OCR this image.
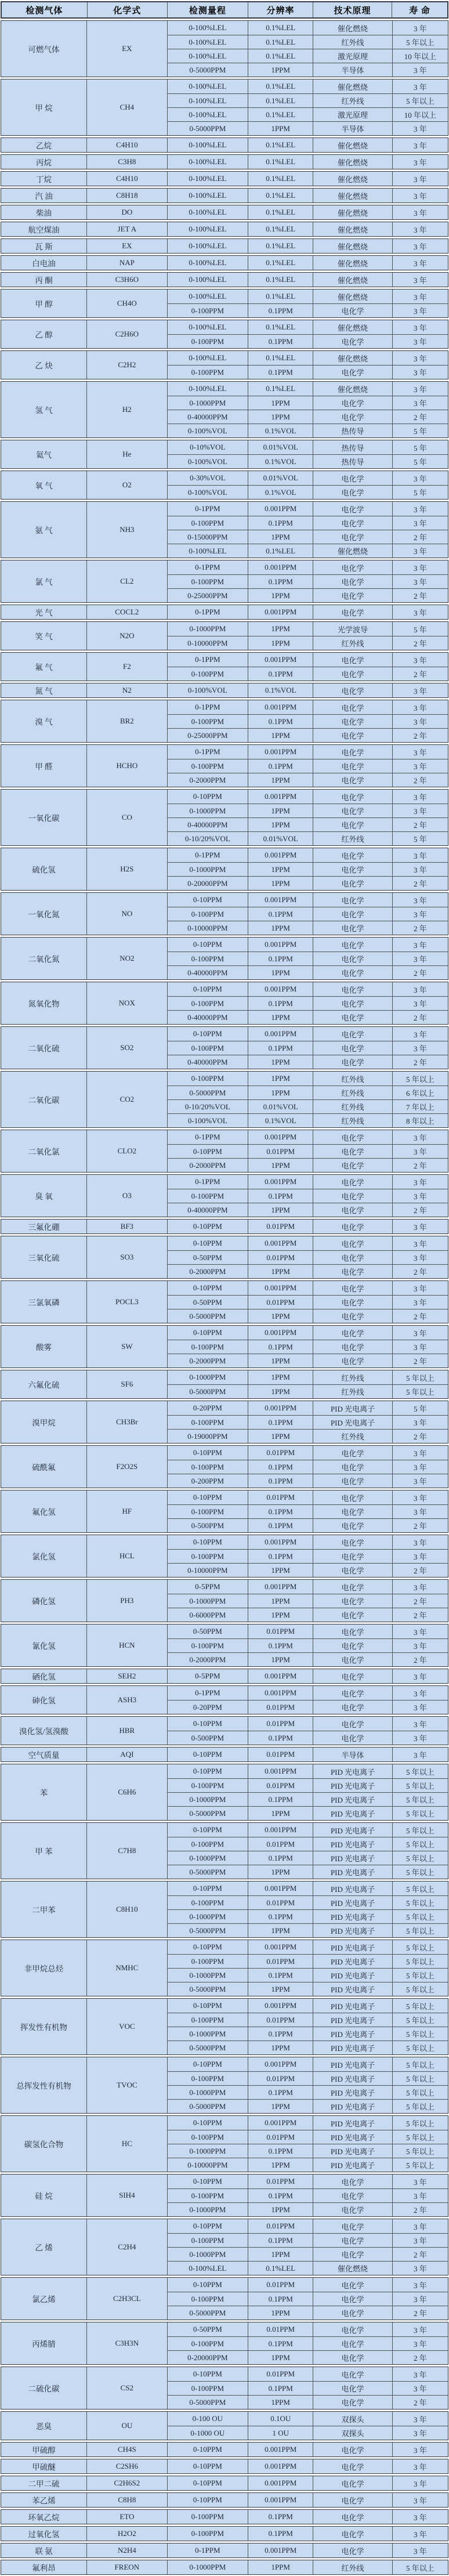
检测气体	化学式	检测量程	分辨率	技术原理	寿 命
可燃气体	EX
0-100%LEL	0.1%LEL	催化燃烧	3 年
0-100%LEL	0.1%LEL	红外线	5 年以上
0-100%LEL	0.1%LEL	激光原理	10 年以上
0-5000PPM	1PPM	半导体	3 年
甲 烷	CH4
0-100%LEL	0.1%LEL	催化燃烧	3 年
0-100%LEL	0.1%LEL	红外线	5 年以上
0-100%LEL	0.1%LEL	激光原理	10 年以上
0-5000PPM	1PPM	半导体	3 年
乙烷	C4H10	0-100%LEL	0.1%LEL	催化燃烧	3 年
丙烷	C3H8	0-100%LEL	0.1%LEL	催化燃烧	3 年
丁烷	C4H10	0-100%LEL	0.1%LEL	催化燃烧	3 年
汽 油	C8H18	0-100%LEL	0.1%LEL	催化燃烧	3 年
柴油	DO	0-100%LEL	0.1%LEL	催化燃烧	3 年
航空煤油	JET A	0-100%LEL	0.1%LEL	催化燃烧	3 年
瓦 斯	EX	0-100%LEL	0.1%LEL	催化燃烧	3 年
白电油	NAP	0-100%LEL	0.1%LEL	催化燃烧	3 年
丙 酮	C3H6O	0-100%LEL	0.1%LEL	催化燃烧	3 年
甲 醇	CH4O
0-100%LEL	0.1%LEL	催化燃烧	3 年
0-100PPM	0.1PPM	电化学	3 年
乙 醇	C2H6O
0-100%LEL	0.1%LEL	催化燃烧	3 年
0-100PPM	0.1PPM	电化学	3 年
乙 炔	C2H2
0-100%LEL	0.1%LEL	催化燃烧	3 年
0-100PPM	0.1PPM	电化学	3 年
氢 气	H2
0-100%LEL	0.1%LEL	催化燃烧	3 年
0-1000PPM	1PPM	电化学	3 年
0-40000PPM	1PPM	电化学	2 年
0-100%VOL	0.1%VOL	热传导	5 年
氦气	He
0-10%VOL	0.01%VOL	热传导	5 年
0-100%VOL	0.1%VOL	热传导	5 年
氧 气	O2
0-30%VOL	0.01%VOL	电化学	3 年
0-100%VOL	0.1%VOL	电化学	5 年
氨 气	NH3
0-1PPM	0.001PPM	电化学	3 年
0-100PPM	0.1PPM	电化学	3 年
0-15000PPM	1PPM	电化学	2 年
0-100%LEL	0.1%LEL	催化燃烧	3 年
氯 气	CL2
0-1PPM	0.001PPM	电化学	3 年
0-100PPM	0.1PPM	电化学	3 年
0-25000PPM	1PPM	电化学	2 年
光 气	COCL2	0-1PPM	0.001PPM	电化学	3 年
笑 气	N2O
0-1000PPM	1PPM	光学波导	5 年
0-10000PPM	1PPM	红外线	2 年
氟 气	F2
0-1PPM	0.001PPM	电化学	3 年
0-100PPM	0.1PPM	电化学	2 年
氮 气	N2	0-100%VOL	0.1%VOL	电化学	3 年
溴 气	BR2
0-1PPM	0.001PPM	电化学	3 年
0-100PPM	0.1PPM	电化学	3 年
0-25000PPM	1PPM	电化学	2 年
甲 醛	HCHO
0-1PPM	0.001PPM	电化学	3 年
0-100PPM	0.1PPM	电化学	3 年
0-2000PPM	1PPM	电化学	2 年
一氧化碳	CO
0-10PPM	0.001PPM	电化学	3 年
0-1000PPM	1PPM	电化学	3 年
0-40000PPM	1PPM	电化学	2 年
0-10/20%VOL	0.01%VOL	红外线	5 年
硫化氢	H2S
0-1PPM	0.001PPM	电化学	3 年
0-1000PPM	1PPM	电化学	3 年
0-20000PPM	1PPM	电化学	2 年
一氧化氮	NO
0-10PPM	0.001PPM	电化学	3 年
0-100PPM	0.1PPM	电化学	3 年
0-10000PPM	1PPM	电化学	2 年
二氧化氮	NO2
0-10PPM	0.001PPM	电化学	3 年
0-100PPM	0.1PPM	电化学	3 年
0-40000PPM	1PPM	电化学	2 年
氮氧化物	NOX
0-10PPM	0.001PPM	电化学	3 年
0-100PPM	0.1PPM	电化学	3 年
0-40000PPM	1PPM	电化学	2 年
二氧化硫	SO2
0-10PPM	0.001PPM	电化学	3 年
0-100PPM	0.1PPM	电化学	3 年
0-40000PPM	1PPM	电化学	2 年
二氧化碳	CO2
0-100PPM	1PPM	红外线	5 年以上
0-5000PPM	1PPM	红外线	6 年以上
0-10/20%VOL	0.01%VOL	红外线	7 年以上
0-100%VOL	0.1%VOL	红外线	8 年以上
二氧化氯	CLO2
0-1PPM	0.001PPM	电化学	3 年
0-10PPM	0.01PPM	电化学	3 年
0-2000PPM	1PPM	电化学	2 年
臭 氧	O3
0-1PPM	0.001PPM	电化学	3 年
0-100PPM	0.1PPM	电化学	3 年
0-40000PPM	1PPM	电化学	2 年
三氟化硼	BF3	0-10PPM	0.01PPM	电化学	3 年
三氧化硫	SO3
0-10PPM	0.001PPM	电化学	3 年
0-50PPM	0.01PPM	电化学	3 年
0-2000PPM	1PPM	电化学	2 年
三氯氧磷	POCL3
0-10PPM	0.001PPM	电化学	3 年
0-50PPM	0.01PPM	电化学	3 年
0-5000PPM	1PPM	电化学	2 年
酸雾	SW
0-10PPM	0.001PPM	电化学	3 年
0-100PPM	0.1PPM	电化学	3 年
0-2000PPM	1PPM	电化学	2 年
六氟化硫	SF6
0-1000PPM	1PPM	红外线	5 年以上
0-5000PPM	1PPM	红外线	5 年以上
溴甲烷	CH3Br
0-20PPM	0.001PPM	PID 光电离子	5 年
0-100PPM	0.1PPM	PID 光电离子	3 年
0-19000PPM	1PPM	红外线	2 年
硫酰氟	F2O2S
0-10PPM	0.01PPM	电化学	3 年
0-100PPM	0.1PPM	电化学	3 年
0-200PPM	0.1PPM	电化学	3 年
氟化氢	HF
0-10PPM	0.01PPM	电化学	3 年
0-100PPM	0.1PPM	电化学	3 年
0-500PPM	0.1PPM	电化学	2 年
氯化氢	HCL
0-10PPM	0.001PPM	电化学	3 年
0-100PPM	0.1PPM	电化学	3 年
0-10000PPM	1PPM	电化学	2 年
磷化氢	PH3
0-5PPM	0.001PPM	电化学	3 年
0-1000PPM	1PPM	电化学	2 年
0-6000PPM	1PPM	电化学	2 年
氰化氢	HCN
0-50PPM	0.01PPM	电化学	3 年
0-100PPM	0.1PPM	电化学	3 年
0-2000PPM	1PPM	电化学	2 年
硒化氢	SEH2	0-5PPM	0.001PPM	电化学	3 年
砷化氢	ASH3
0-1PPM	0.001PPM	电化学	3 年
0-20PPM	0.01PPM	电化学	3 年
溴化氢/氢溴酸	HBR
0-10PPM	0.01PPM	电化学	3 年
0-500PPM	0.1PPM	电化学	3 年
空气质量	AQI	0-10PPM	0.01PPM	半导体	3 年
苯	C6H6
0-10PPM	0.001PPM	PID 光电离子	5 年以上
0-100PPM	0.01PPM	PID 光电离子	5 年以上
0-1000PPM	0.1PPM	PID 光电离子	5 年以上
0-5000PPM	1PPM	PID 光电离子	5 年以上
甲 苯	C7H8
0-10PPM	0.001PPM	PID 光电离子	5 年以上
0-100PPM	0.01PPM	PID 光电离子	5 年以上
0-1000PPM	0.1PPM	PID 光电离子	5 年以上
0-5000PPM	1PPM	PID 光电离子	5 年以上
二甲苯	C8H10
0-10PPM	0.001PPM	PID 光电离子	5 年以上
0-100PPM	0.01PPM	PID 光电离子	5 年以上
0-1000PPM	0.1PPM	PID 光电离子	5 年以上
0-5000PPM	1PPM	PID 光电离子	5 年以上
非甲烷总烃	NMHC
0-10PPM	0.001PPM	PID 光电离子	5 年以上
0-100PPM	0.01PPM	PID 光电离子	5 年以上
0-1000PPM	0.1PPM	PID 光电离子	5 年以上
0-5000PPM	1PPM	PID 光电离子	5 年以上
挥发性有机物	VOC
0-10PPM	0.001PPM	PID 光电离子	5 年以上
0-100PPM	0.01PPM	PID 光电离子	5 年以上
0-1000PPM	0.1PPM	PID 光电离子	5 年以上
0-5000PPM	1PPM	PID 光电离子	5 年以上
总挥发性有机物	TVOC
0-10PPM	0.001PPM	PID 光电离子	5 年以上
0-100PPM	0.01PPM	PID 光电离子	5 年以上
0-1000PPM	0.1PPM	PID 光电离子	5 年以上
0-5000PPM	1PPM	PID 光电离子	5 年以上
碳氢化合物	HC
0-10PPM	0.001PPM	PID 光电离子	5 年以上
0-100PPM	0.01PPM	PID 光电离子	5 年以上
0-1000PPM	0.1PPM	PID 光电离子	5 年以上
0-10000PPM	1PPM	PID 光电离子	5 年以上
硅 烷	SIH4
0-10PPM	0.01PPM	电化学	3 年
0-100PPM	0.1PPM	电化学	3 年
0-1000PPM	1PPM	电化学	2 年
乙 烯	C2H4
0-10PPM	0.01PPM	电化学	3 年
0-100PPM	0.1PPM	电化学	3 年
0-1000PPM	1PPM	电化学	2 年
0-100%LEL	0.1%LEL	催化燃烧	3 年
氯乙烯	C2H3CL
0-10PPM	0.01PPM	电化学	3 年
0-100PPM	0.1PPM	电化学	3 年
0-5000PPM	1PPM	电化学	2 年
丙烯腈	C3H3N
0-50PPM	0.01PPM	电化学	3 年
0-100PPM	0.1PPM	电化学	3 年
0-20000PPM	1PPM	电化学	2 年
二硫化碳	CS2
0-10PPM	0.01PPM	电化学	3 年
0-100PPM	0.1PPM	电化学	3 年
0-5000PPM	1PPM	电化学	2 年
恶臭	OU
0-100 OU	0.1OU	双探头	3 年
0-1000 OU	1 OU	双探头	3 年
甲硫醇	CH4S	0-10PPM	0.001PPM	电化学	3 年
甲硫醚	C2SH6	0-10PPM	0.001PPM	电化学	3 年
二甲二硫	C2H6S2	0-10PPM	0.001PPM	电化学	3 年
苯乙烯	C8H8	0-10PPM	0.001PPM	电化学	3 年
环氧乙烷	ETO	0-100PPM	0.1PPM	电化学	3 年
过氧化氢	H2O2	0-100PPM	0.1PPM	电化学	3 年
联 氨	N2H4	0-1PPM	0.001PPM	电化学	3 年
氟利昂	FREON	0-1000PPM	1PPM	红外线	5 年以上
